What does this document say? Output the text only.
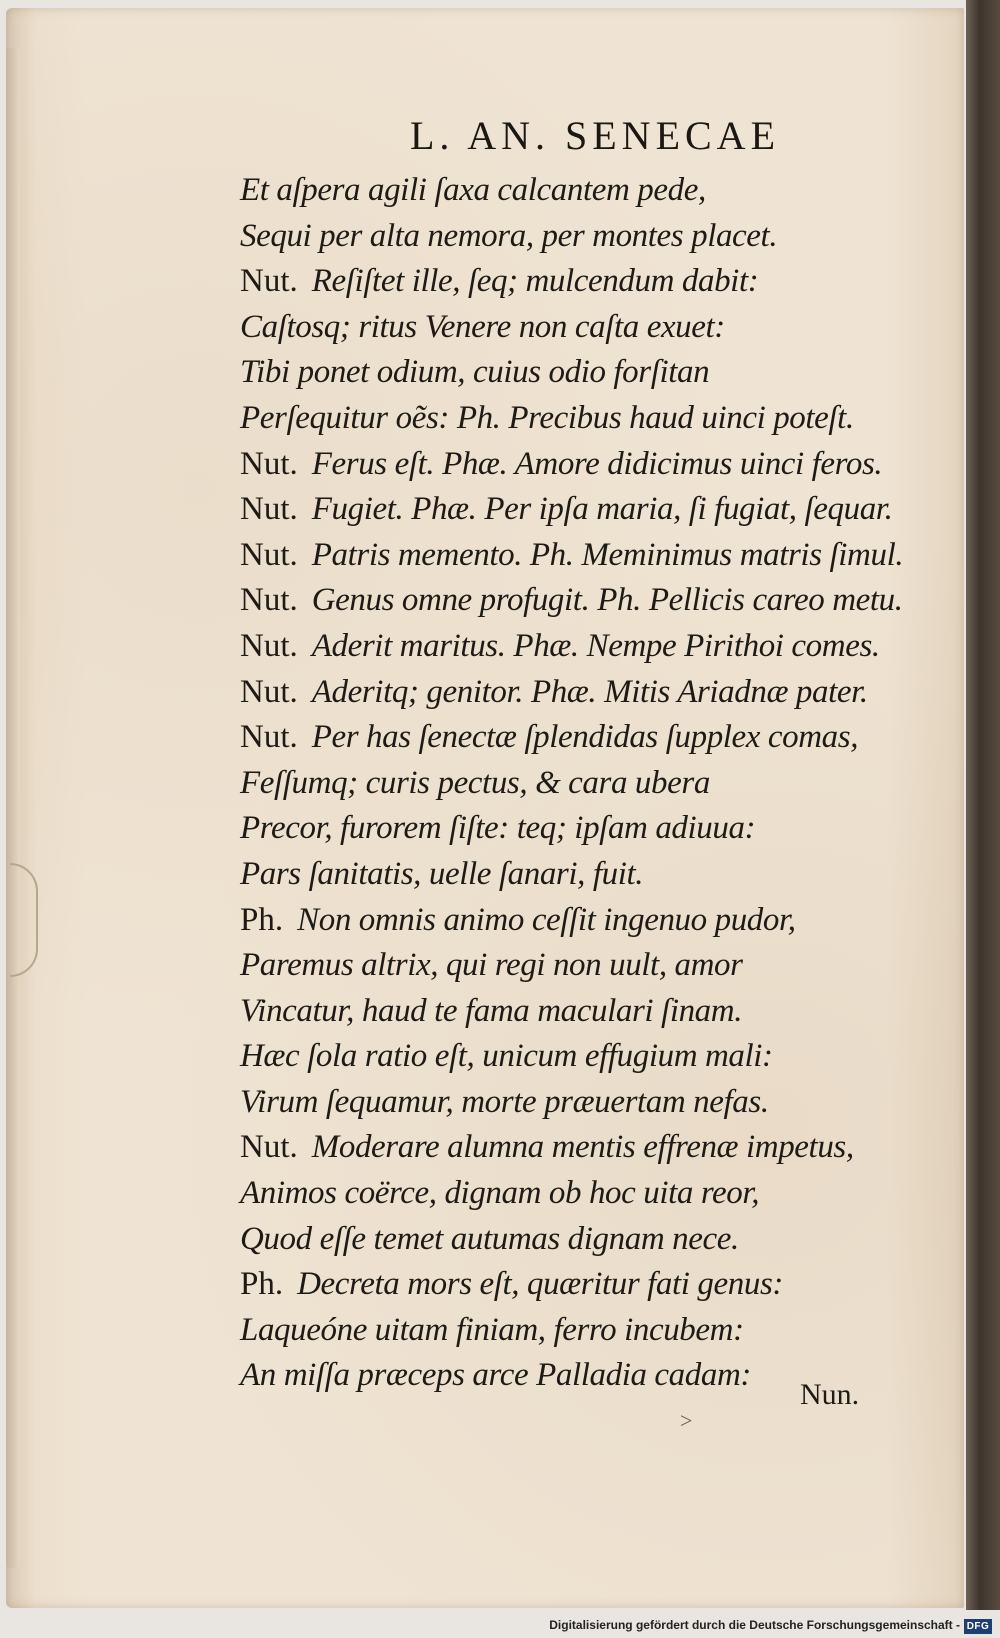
L. AN. SENECAE
Et aſpera agili ſaxa calcantem pede,
Sequi per alta nemora, per montes placet.
Nut. Reſiſtet ille, ſeq; mulcendum dabit:
Caſtosq; ritus Venere non caſta exuet:
Tibi ponet odium, cuius odio forſitan
Perſequitur oẽs: Ph. Precibus haud uinci poteſt.
Nut. Ferus eſt. Phæ. Amore didicimus uinci feros.
Nut. Fugiet. Phæ. Per ipſa maria, ſi fugiat, ſequar.
Nut. Patris memento. Ph. Meminimus matris ſimul.
Nut. Genus omne profugit. Ph. Pellicis careo metu.
Nut. Aderit maritus. Phæ. Nempe Pirithoi comes.
Nut. Aderitq; genitor. Phæ. Mitis Ariadnæ pater.
Nut. Per has ſenectæ ſplendidas ſupplex comas,
Feſſumq; curis pectus, & cara ubera
Precor, furorem ſiſte: teq; ipſam adiuua:
Pars ſanitatis, uelle ſanari, fuit.
Ph. Non omnis animo ceſſit ingenuo pudor,
Paremus altrix, qui regi non uult, amor
Vincatur, haud te fama maculari ſinam.
Hæc ſola ratio eſt, unicum effugium mali:
Virum ſequamur, morte præuertam nefas.
Nut. Moderare alumna mentis effrenæ impetus,
Animos coërce, dignam ob hoc uita reor,
Quod eſſe temet autumas dignam nece.
Ph. Decreta mors eſt, quæritur fati genus:
Laqueóne uitam finiam, ferro incubem:
An miſſa præceps arce Palladia cadam:
Nun.
>
Digitalisierung gefördert durch die Deutsche Forschungsgemeinschaft - DFG
